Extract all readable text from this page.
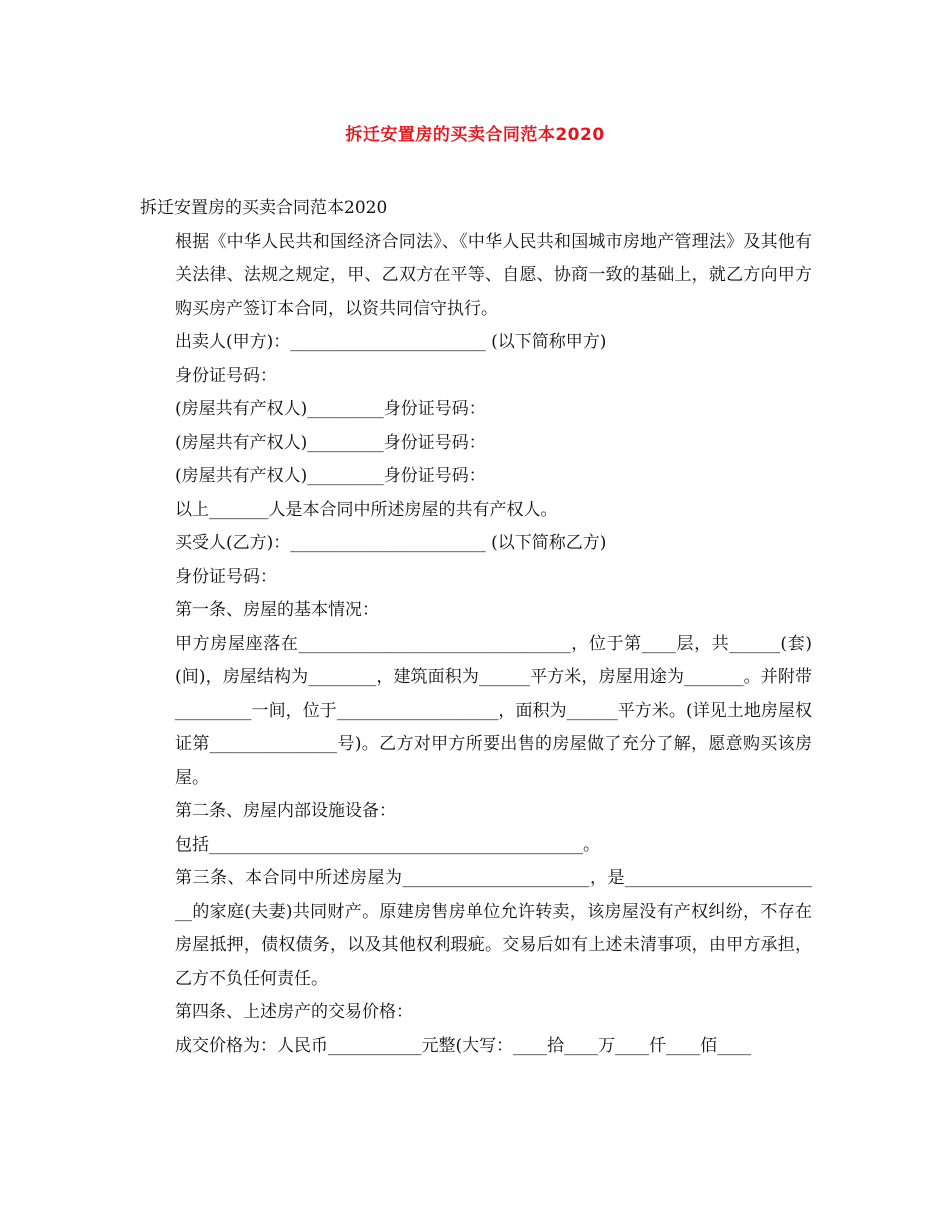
拆迁安置房的买卖合同范本2020

拆迁安置房的买卖合同范本2020

根据《中华人民共和国经济合同法》、《中华人民共和国城市房地产管理法》及其他有关法律、法规之规定，甲、乙双方在平等、自愿、协商一致的基础上，就乙方向甲方购买房产签订本合同，以资共同信守执行。

出卖人(甲方)：_______________________ (以下简称甲方)

身份证号码：

(房屋共有产权人)_________身份证号码：

(房屋共有产权人)_________身份证号码：

(房屋共有产权人)_________身份证号码：

以上_______人是本合同中所述房屋的共有产权人。

买受人(乙方)：_______________________ (以下简称乙方)

身份证号码：

第一条、房屋的基本情况：

甲方房屋座落在________________________________，位于第____层，共______(套)(间)，房屋结构为________，建筑面积为______平方米，房屋用途为_______。并附带_________一间，位于___________________，面积为______平方米。(详见土地房屋权证第_______________号)。乙方对甲方所要出售的房屋做了充分了解，愿意购买该房屋。

第二条、房屋内部设施设备：

包括____________________________________________。

第三条、本合同中所述房屋为______________________，是________________________的家庭(夫妻)共同财产。原建房售房单位允许转卖，该房屋没有产权纠纷，不存在房屋抵押，债权债务，以及其他权利瑕疵。交易后如有上述未清事项，由甲方承担，乙方不负任何责任。

第四条、上述房产的交易价格：

成交价格为：人民币___________元整(大写：____拾____万____仟____佰____
